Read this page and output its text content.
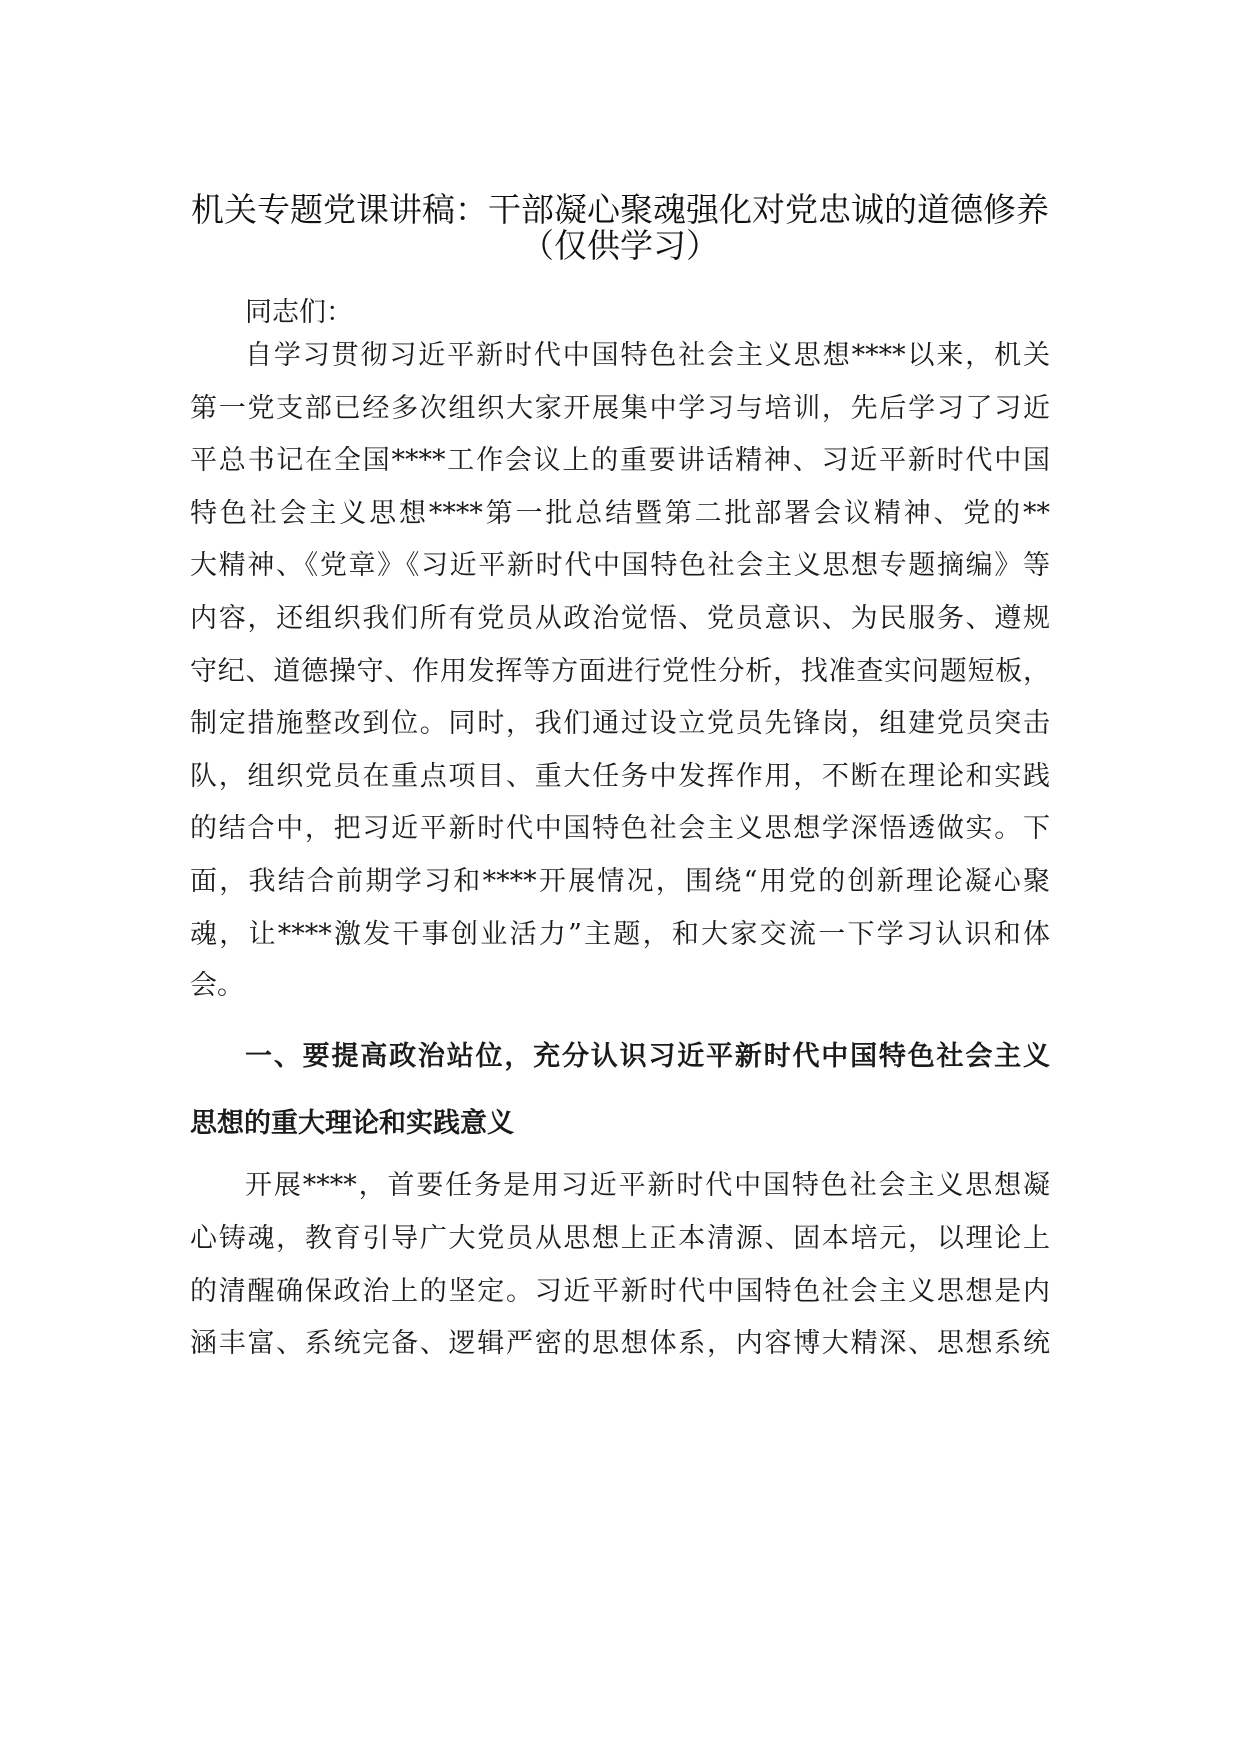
机关专题党课讲稿：干部凝心聚魂强化对党忠诚的道德修养
（仅供学习）
同志们：
自学习贯彻习近平新时代中国特色社会主义思想****以来，机关
第一党支部已经多次组织大家开展集中学习与培训，先后学习了习近
平总书记在全国****工作会议上的重要讲话精神、习近平新时代中国
特色社会主义思想****第一批总结暨第二批部署会议精神、党的**
大精神、《党章》《习近平新时代中国特色社会主义思想专题摘编》等
内容，还组织我们所有党员从政治觉悟、党员意识、为民服务、遵规
守纪、道德操守、作用发挥等方面进行党性分析，找准查实问题短板，
制定措施整改到位。同时，我们通过设立党员先锋岗，组建党员突击
队，组织党员在重点项目、重大任务中发挥作用，不断在理论和实践
的结合中，把习近平新时代中国特色社会主义思想学深悟透做实。下
面，我结合前期学习和****开展情况，围绕“用党的创新理论凝心聚
魂，让****激发干事创业活力”主题，和大家交流一下学习认识和体
会。
一、要提高政治站位，充分认识习近平新时代中国特色社会主义
思想的重大理论和实践意义
开展****，首要任务是用习近平新时代中国特色社会主义思想凝
心铸魂，教育引导广大党员从思想上正本清源、固本培元，以理论上
的清醒确保政治上的坚定。习近平新时代中国特色社会主义思想是内
涵丰富、系统完备、逻辑严密的思想体系，内容博大精深、思想系统
